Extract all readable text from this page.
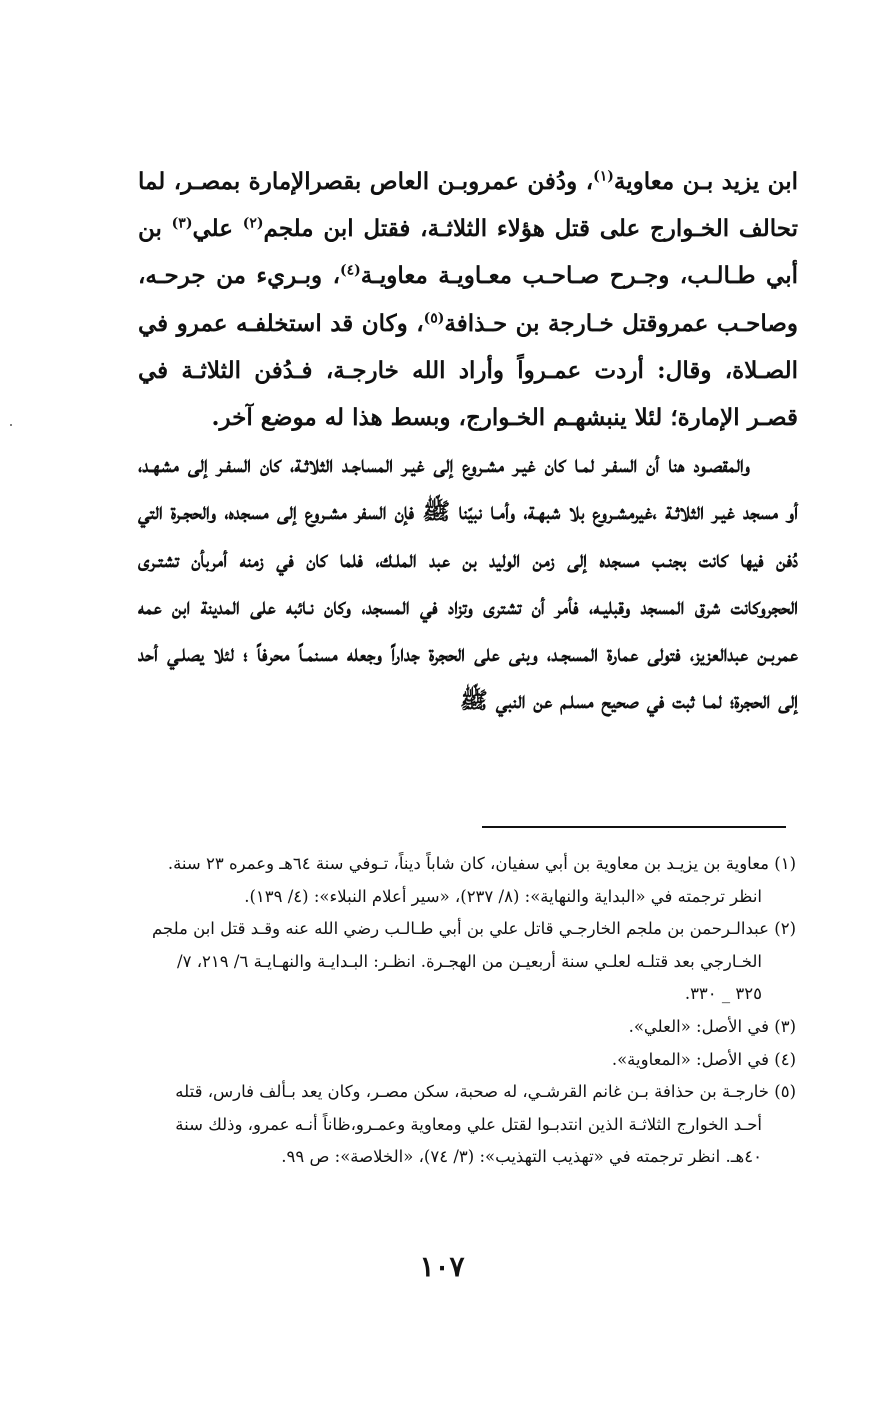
ابن يزيد بـن معاوية$^{(١)}$، ودُفن عمروبـن العاص بقصرالإمارة بمصـر، لما تحالف الخـوارج على قتل هؤلاء الثلاثـة، فقتل ابن ملجم$^{(٢)}$ علي$^{(٣)}$ بن أبي طـالـب، وجـرح صـاحـب معـاويـة معاويـة$^{(٤)}$، وبـريء من جرحـه، وصاحـب عمروقتل خـارجة بن حـذافة$^{(٥)}$، وكان قد استخلفـه عمرو في الصـلاة، وقال: أردت عمـرواً وأراد الله خارجـة، فـدُفن الثلاثـة في قصـر الإمارة؛ لئلا ينبشهـم الخـوارج، وبسط هذا له موضع آخر.

والمقصـود هنا أن السفـر لمـا كان غيـر مشـروع إلى غيـر المساجـد الثلاثـة، كان السفـر إلى مشهـد، أو مسجد غيـر الثلاثـة ،غيرمشـروع بلا شبهـة، وأمـا نبيّنا ﷺ فإن السفر مشـروع إلى مسجده، والحجـرة التي دُفن فيها كانت بجنـب مسجده إلى زمن الوليد بن عبد الملـك، فلما كان في زمنه أمربأن تشتـرى الحجروكانت شرق المسجد وقبليـه، فأمر أن تشترى وتزاد في المسجد، وكان نـائبه على المدينة ابن عمه عمربـن عبدالعزيز، فتولى عمارة المسجـد، وبنى على الحجرة جداراً وجعله مسنمـاً محرفاً ؛ لئلا يصلـي أحد إلى الحجرة؛ لمـا ثبت في صحيح مسلـم عن النبي ﷺ

(١) معاوية بن يزيـد بن معاوية بن أبي سفيان، كان شاباً ديناً، تـوفي سنة ٦٤هـ وعمره ٢٣ سنة. انظر ترجمته في «البداية والنهاية»: (٨/ ٢٣٧)، «سير أعلام النبلاء»: (٤/ ١٣٩).

(٢) عبدالـرحمن بن ملجم الخارجـي قاتل علي بن أبي طـالـب رضي الله عنه وقـد قتل ابن ملجم الخـارجي بعد قتلـه لعلـي سنة أربعيـن من الهجـرة. انظـر: البـدايـة والنهـايـة ٦/ ٢١٩، ٧/ ٣٢٥ _ ٣٣٠.

(٣) في الأصل: «العلي».

(٤) في الأصل: «المعاوية».

(٥) خارجـة بن حذافة بـن غانم القرشـي، له صحبة، سكن مصـر، وكان يعد بـألف فارس، قتله أحـد الخوارج الثلاثـة الذين انتدبـوا لقتل علي ومعاوية وعمـرو،ظاناً أنـه عمرو، وذلك سنة ٤٠هـ. انظر ترجمته في «تهذيب التهذيب»: (٣/ ٧٤)، «الخلاصة»: ص ٩٩.

١٠٧
